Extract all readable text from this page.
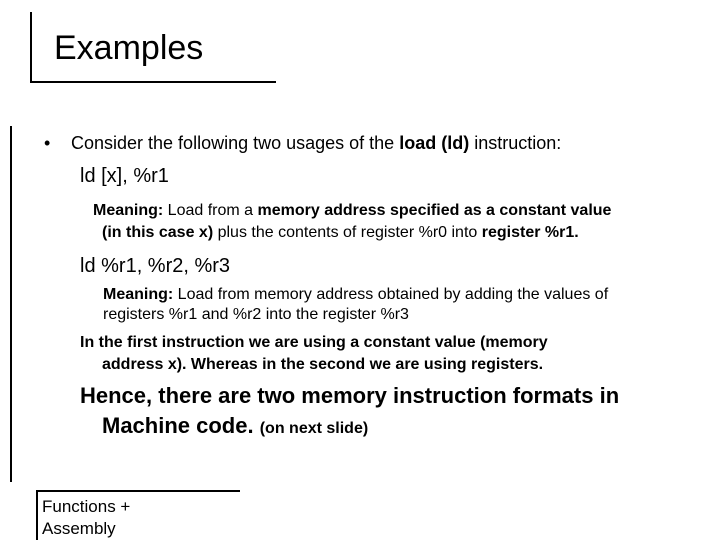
Examples
• Consider the following two usages of the load (ld) instruction:
ld [x], %r1
Meaning: Load from a memory address specified as a constant value
(in this case x) plus the contents of register %r0 into register %r1.
ld %r1, %r2, %r3
Meaning: Load from memory address obtained by adding the values of
registers %r1 and %r2 into the register %r3
In the first instruction we are using a constant value (memory
address x). Whereas in the second we are using registers.
Hence, there are two memory instruction formats in
Machine code. (on next slide)
Functions +
Assembly
